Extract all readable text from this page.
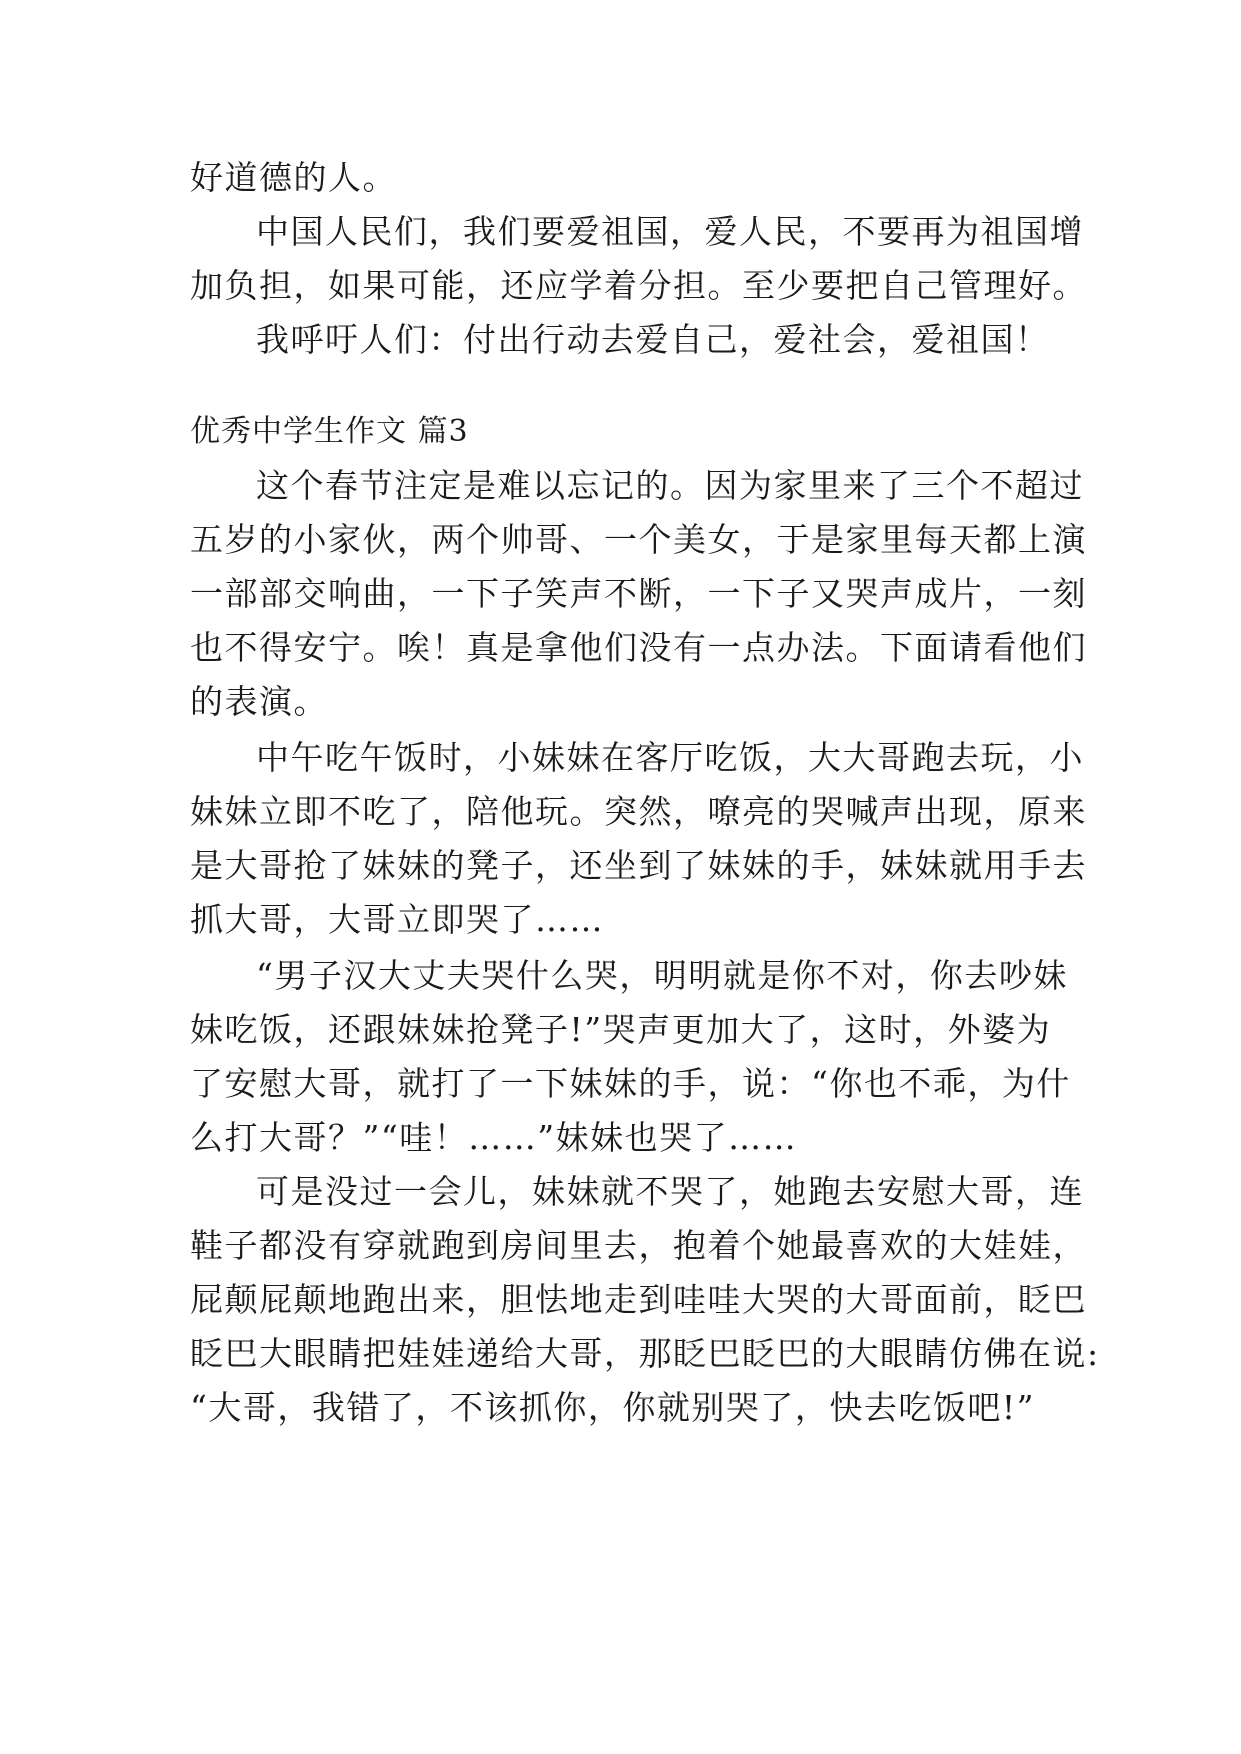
好道德的人。
中国人民们，我们要爱祖国，爱人民，不要再为祖国增
加负担，如果可能，还应学着分担。至少要把自己管理好。
我呼吁人们：付出行动去爱自己，爱社会，爱祖国！
优秀中学生作文 篇3
这个春节注定是难以忘记的。因为家里来了三个不超过
五岁的小家伙，两个帅哥、一个美女，于是家里每天都上演
一部部交响曲，一下子笑声不断，一下子又哭声成片，一刻
也不得安宁。唉！真是拿他们没有一点办法。下面请看他们
的表演。
中午吃午饭时，小妹妹在客厅吃饭，大大哥跑去玩，小
妹妹立即不吃了，陪他玩。突然，嘹亮的哭喊声出现，原来
是大哥抢了妹妹的凳子，还坐到了妹妹的手，妹妹就用手去
抓大哥，大哥立即哭了……
“男子汉大丈夫哭什么哭，明明就是你不对，你去吵妹
妹吃饭，还跟妹妹抢凳子!”哭声更加大了，这时，外婆为
了安慰大哥，就打了一下妹妹的手，说：“你也不乖，为什
么打大哥？”“哇！……”妹妹也哭了……
可是没过一会儿，妹妹就不哭了，她跑去安慰大哥，连
鞋子都没有穿就跑到房间里去，抱着个她最喜欢的大娃娃，
屁颠屁颠地跑出来，胆怯地走到哇哇大哭的大哥面前，眨巴
眨巴大眼睛把娃娃递给大哥，那眨巴眨巴的大眼睛仿佛在说:
“大哥，我错了，不该抓你，你就别哭了，快去吃饭吧!”
